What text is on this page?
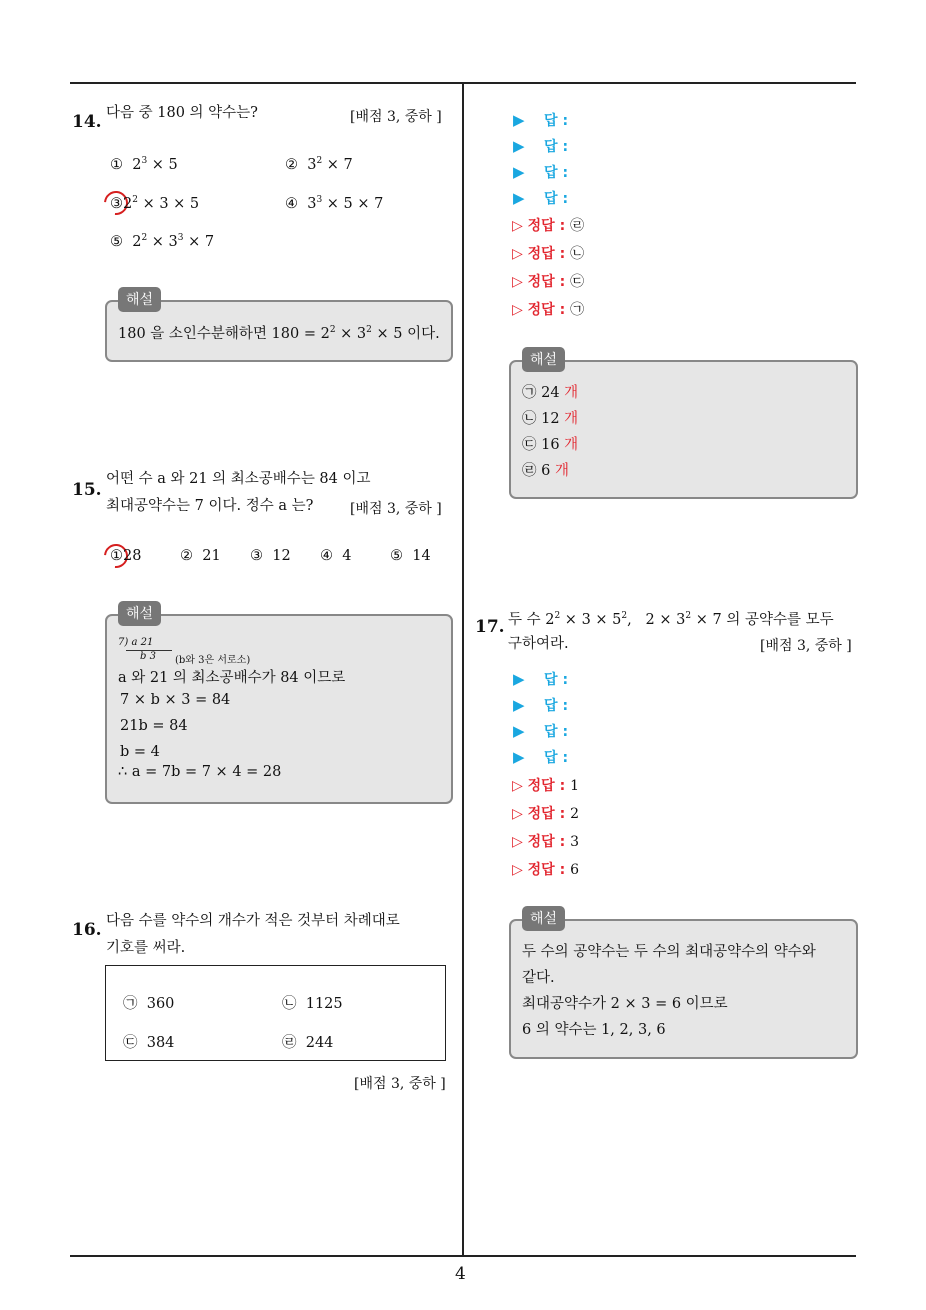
4
14. 다음 중 180 의 약수는?	[배점 3, 중하 ]
①  $2^3 \times 5$	②  $3^2 \times 7$
$③2^2 \times 3 \times 5$	④  $3^3 \times 5 \times 7$
⑤  $2^2 \times 3^3 \times 7$
해설
180 을 소인수분해하면 $180 = 2^2 \times 3^2 \times 5$ 이다.
15.
어떤 수 a 와 21 의 최소공배수는 84 이고
최대공약수는 7 이다. 정수 a 는?	[배점 3, 중하 ]
①28	② 21 ③ 12 ④ 4	⑤ 14
해설
7) a 21
b 3 (b와 3은 서로소)
a 와 21 의 최소공배수가 84 이므로
7 × b × 3 = 84
21b = 84
b = 4
∴ a = 7b = 7 × 4 = 28
16. 다음 수를 약수의 개수가 적은 것부터 차례대로
기호를 써라.
㉠ 360	㉡ 1125
㉢ 384	㉣ 244
[배점 3, 중하 ]
▶ 답 :
▶ 답 :
▶ 답 :
▶ 답 :
▷ 정답 : ㉣
▷ 정답 : ㉡
▷ 정답 : ㉢
▷ 정답 : ㉠
해설
㉠ 24 개
㉡ 12 개
㉢ 16 개
㉣ 6 개
17. 두 수 $2^2 \times 3 \times 5^2$,   $2 \times 3^2 \times 7$ 의 공약수를 모두
구하여라.	[배점 3, 중하 ]
▶ 답 :
▶ 답 :
▶ 답 :
▶ 답 :
▷ 정답 : 1
▷ 정답 : 2
▷ 정답 : 3
▷ 정답 : 6
해설
두 수의 공약수는 두 수의 최대공약수의 약수와
같다.
최대공약수가 2 × 3 = 6 이므로
6 의 약수는 1, 2, 3, 6
